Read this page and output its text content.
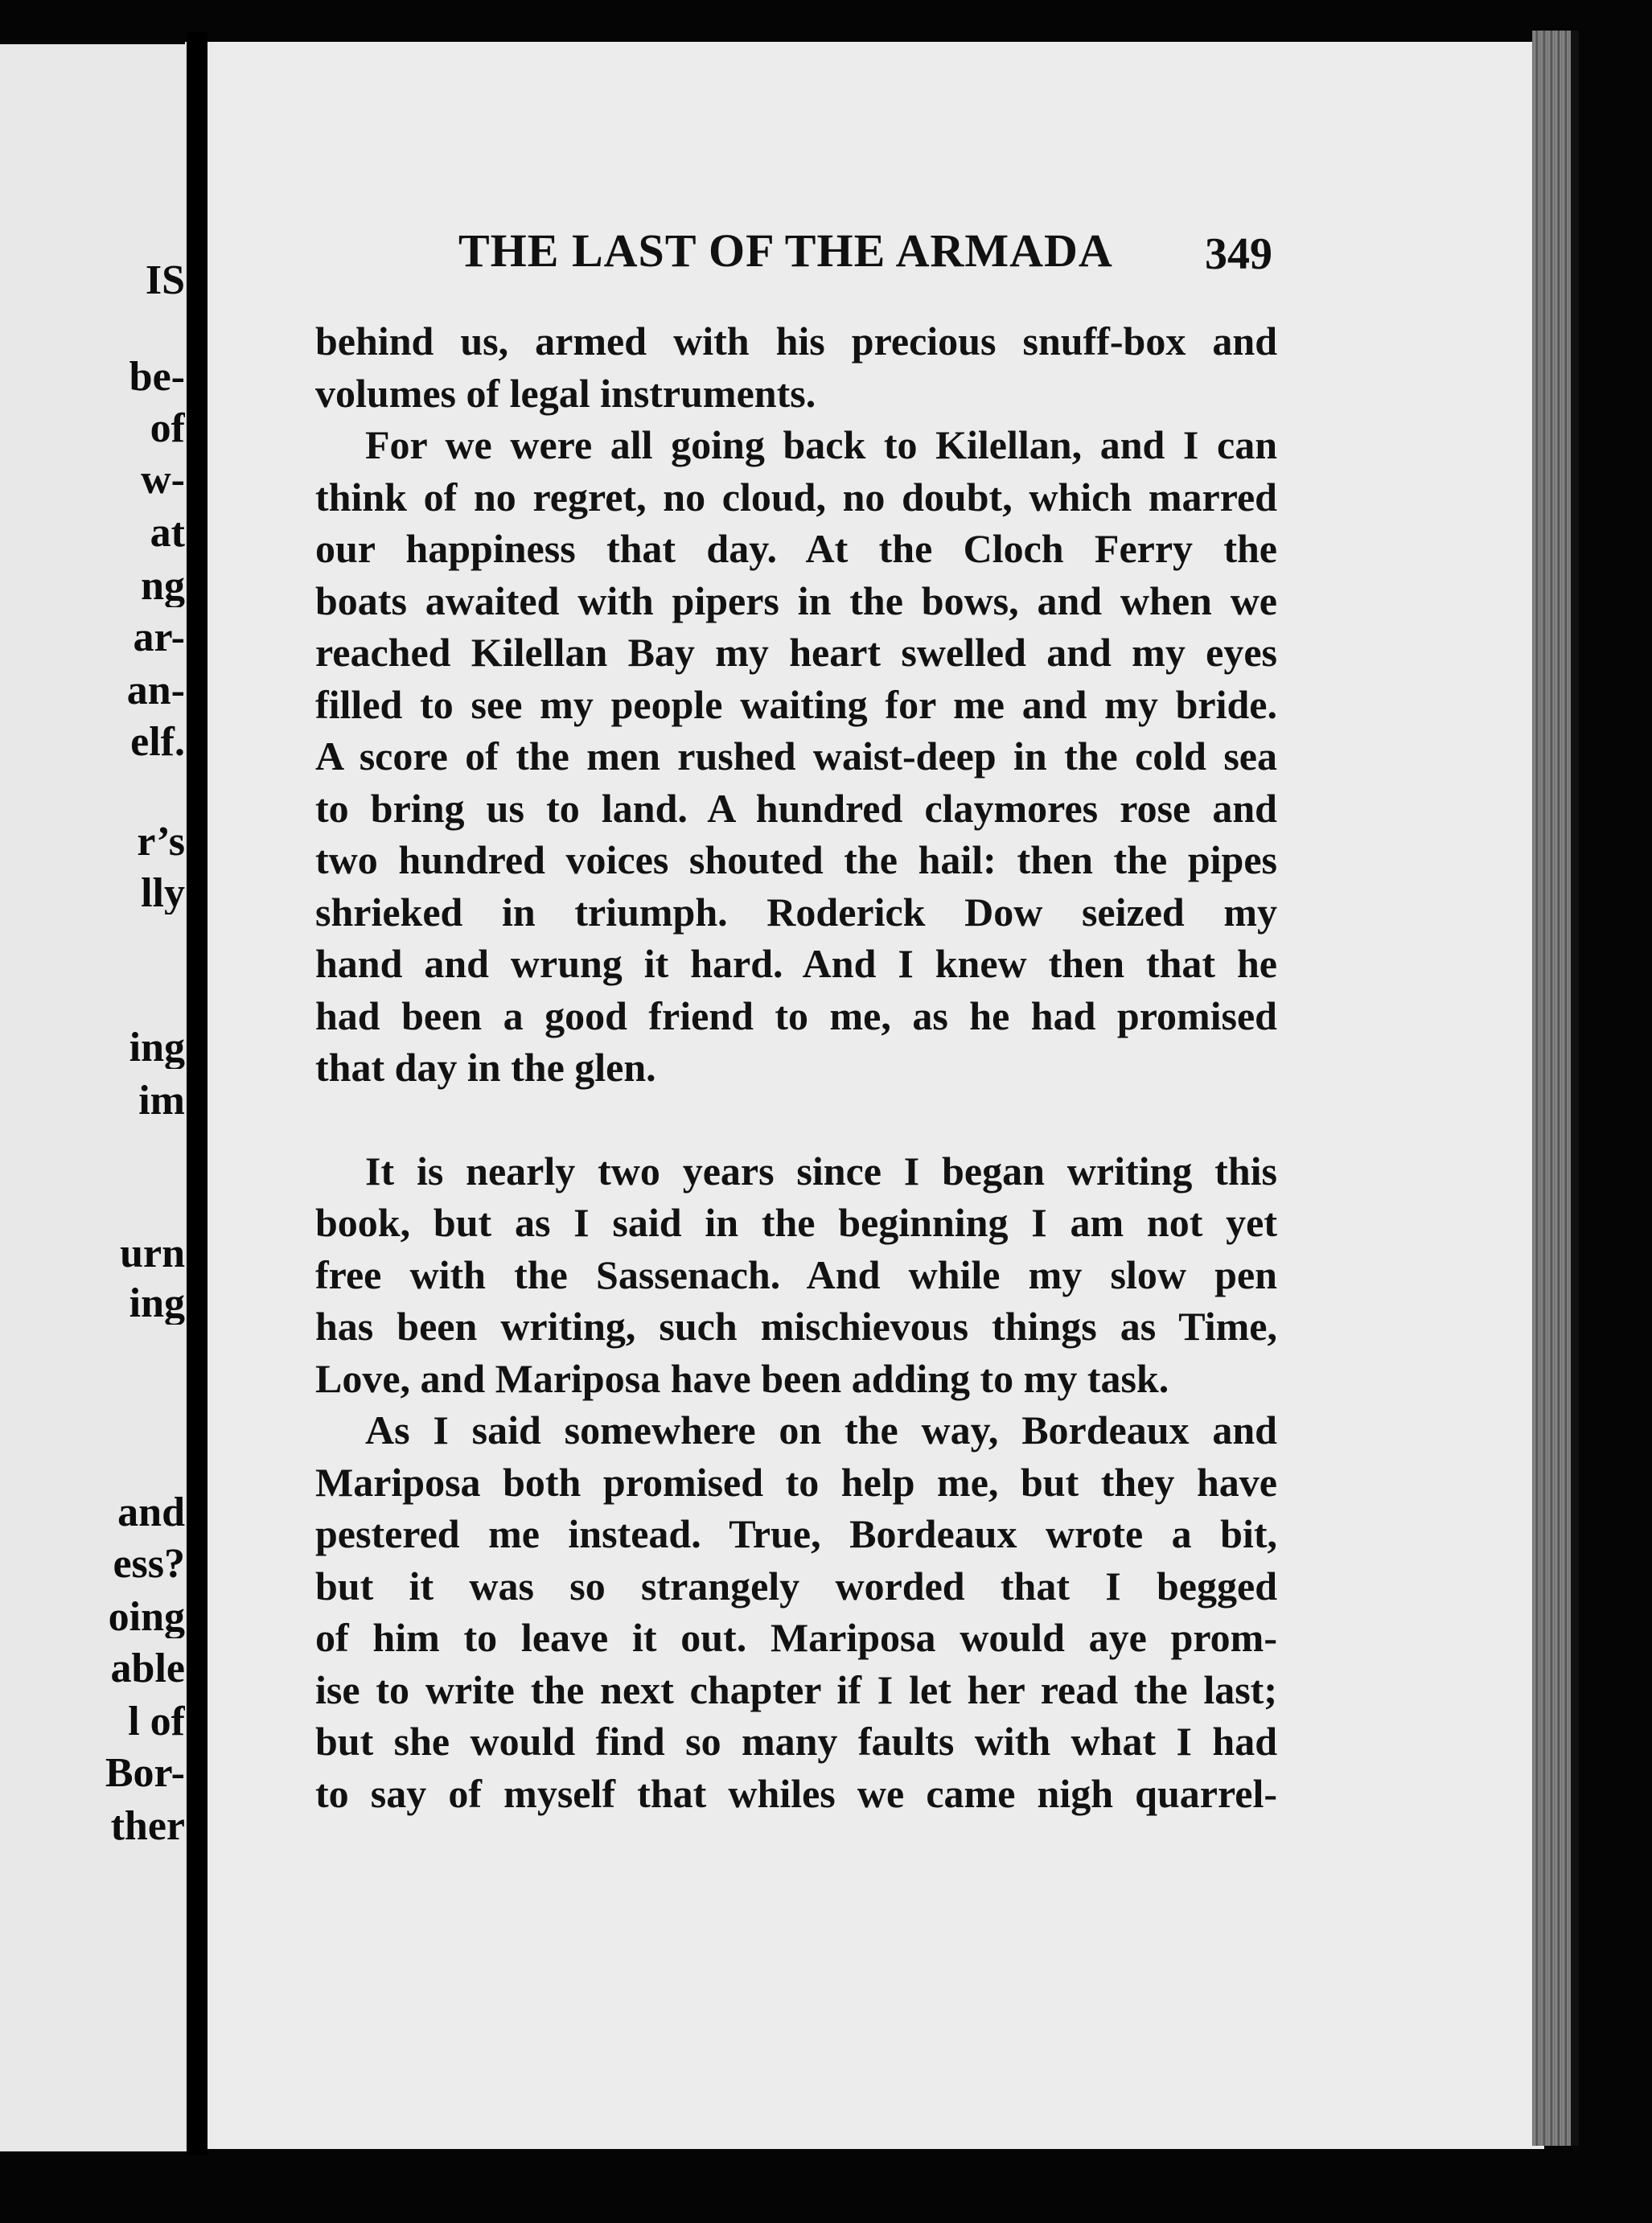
IS
be-
of
w-
at
ng
ar-
an-
elf.
r’s
lly
ing
im
urn
ing
and
ess?
oing
able
l of
Bor-
ther
THE LAST OF THE ARMADA 349
behind us, armed with his precious snuff-box and
volumes of legal instruments.
For we were all going back to Kilellan, and I can
think of no regret, no cloud, no doubt, which marred
our happiness that day. At the Cloch Ferry the
boats awaited with pipers in the bows, and when we
reached Kilellan Bay my heart swelled and my eyes
filled to see my people waiting for me and my bride.
A score of the men rushed waist-deep in the cold sea
to bring us to land. A hundred claymores rose and
two hundred voices shouted the hail: then the pipes
shrieked in triumph. Roderick Dow seized my
hand and wrung it hard. And I knew then that he
had been a good friend to me, as he had promised
that day in the glen.
It is nearly two years since I began writing this
book, but as I said in the beginning I am not yet
free with the Sassenach. And while my slow pen
has been writing, such mischievous things as Time,
Love, and Mariposa have been adding to my task.
As I said somewhere on the way, Bordeaux and
Mariposa both promised to help me, but they have
pestered me instead. True, Bordeaux wrote a bit,
but it was so strangely worded that I begged
of him to leave it out. Mariposa would aye prom-
ise to write the next chapter if I let her read the last;
but she would find so many faults with what I had
to say of myself that whiles we came nigh quarrel-
